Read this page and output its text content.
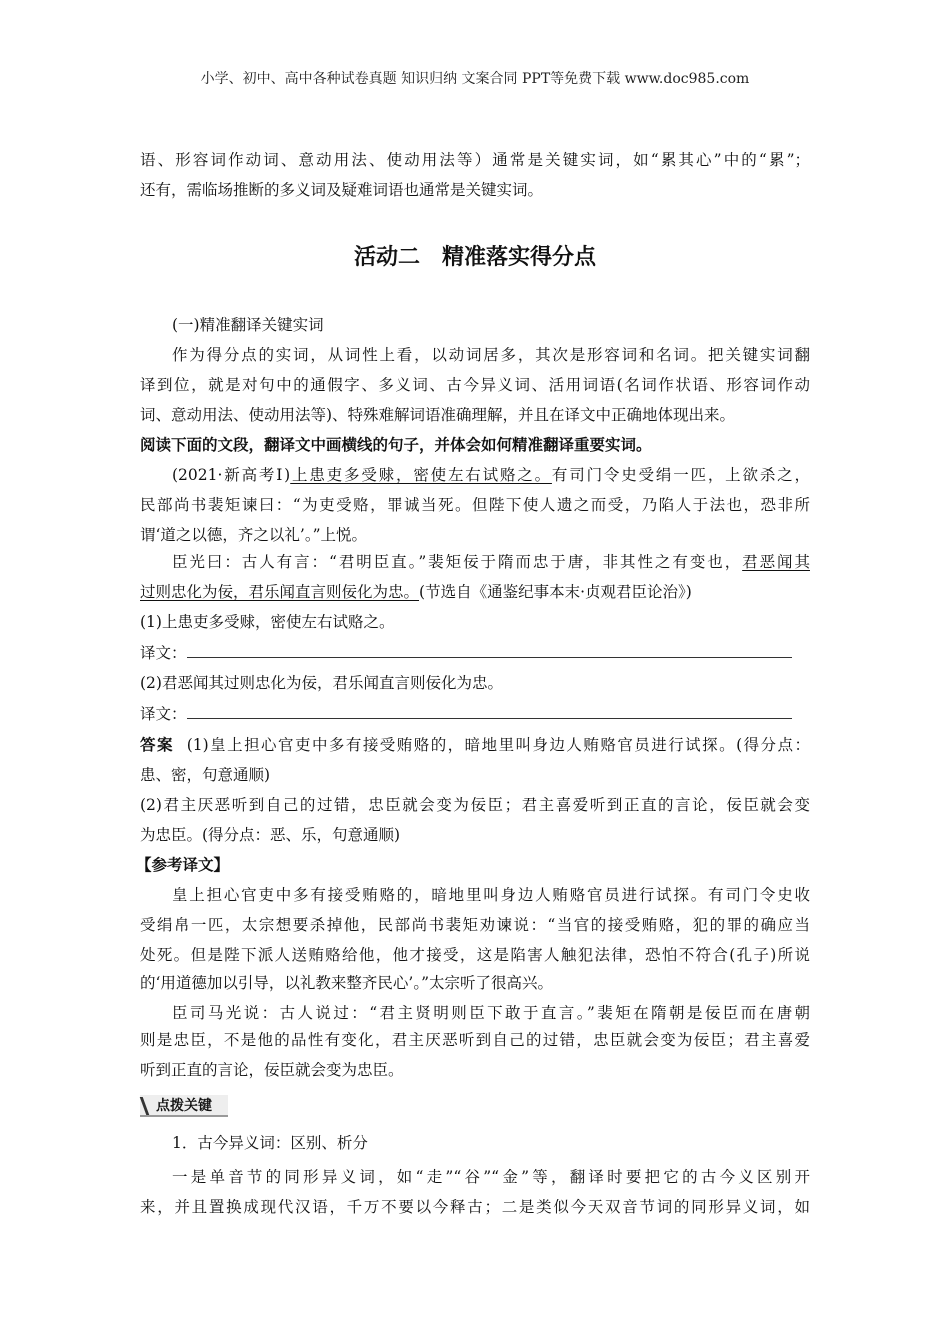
小学、初中、高中各种试卷真题 知识归纳 文案合同 PPT等免费下载 www.doc985.com
语、形容词作动词、意动用法、使动用法等）通常是关键实词，如“累其心”中的“累”；
还有，需临场推断的多义词及疑难词语也通常是关键实词。
活动二　精准落实得分点
(一)精准翻译关键实词
作为得分点的实词，从词性上看，以动词居多，其次是形容词和名词。把关键实词翻
译到位，就是对句中的通假字、多义词、古今异义词、活用词语(名词作状语、形容词作动
词、意动用法、使动用法等)、特殊难解词语准确理解，并且在译文中正确地体现出来。
阅读下面的文段，翻译文中画横线的句子，并体会如何精准翻译重要实词。
(2021·新高考Ⅰ)上患吏多受赇，密使左右试赂之。有司门令史受绢一匹，上欲杀之，
民部尚书裴矩谏曰：“为吏受赂，罪诚当死。但陛下使人遗之而受，乃陷人于法也，恐非所
谓‘道之以德，齐之以礼’。”上悦。
臣光曰：古人有言：“君明臣直。”裴矩佞于隋而忠于唐，非其性之有变也，君恶闻其
过则忠化为佞，君乐闻直言则佞化为忠。(节选自《通鉴纪事本末·贞观君臣论治》)
(1)上患吏多受赇，密使左右试赂之。
译文：
(2)君恶闻其过则忠化为佞，君乐闻直言则佞化为忠。
译文：
答案 (1)皇上担心官吏中多有接受贿赂的，暗地里叫身边人贿赂官员进行试探。(得分点：
患、密，句意通顺)
(2)君主厌恶听到自己的过错，忠臣就会变为佞臣；君主喜爱听到正直的言论，佞臣就会变
为忠臣。(得分点：恶、乐，句意通顺)
【参考译文】
皇上担心官吏中多有接受贿赂的，暗地里叫身边人贿赂官员进行试探。有司门令史收
受绢帛一匹，太宗想要杀掉他，民部尚书裴矩劝谏说：“当官的接受贿赂，犯的罪的确应当
处死。但是陛下派人送贿赂给他，他才接受，这是陷害人触犯法律，恐怕不符合(孔子)所说
的‘用道德加以引导，以礼教来整齐民心’。”太宗听了很高兴。
臣司马光说：古人说过：“君主贤明则臣下敢于直言。”裴矩在隋朝是佞臣而在唐朝
则是忠臣，不是他的品性有变化，君主厌恶听到自己的过错，忠臣就会变为佞臣；君主喜爱
听到正直的言论，佞臣就会变为忠臣。
点拨关键
1．古今异义词：区别、析分
一是单音节的同形异义词，如“走”“谷”“金”等，翻译时要把它的古今义区别开
来，并且置换成现代汉语，千万不要以今释古；二是类似今天双音节词的同形异义词，如
